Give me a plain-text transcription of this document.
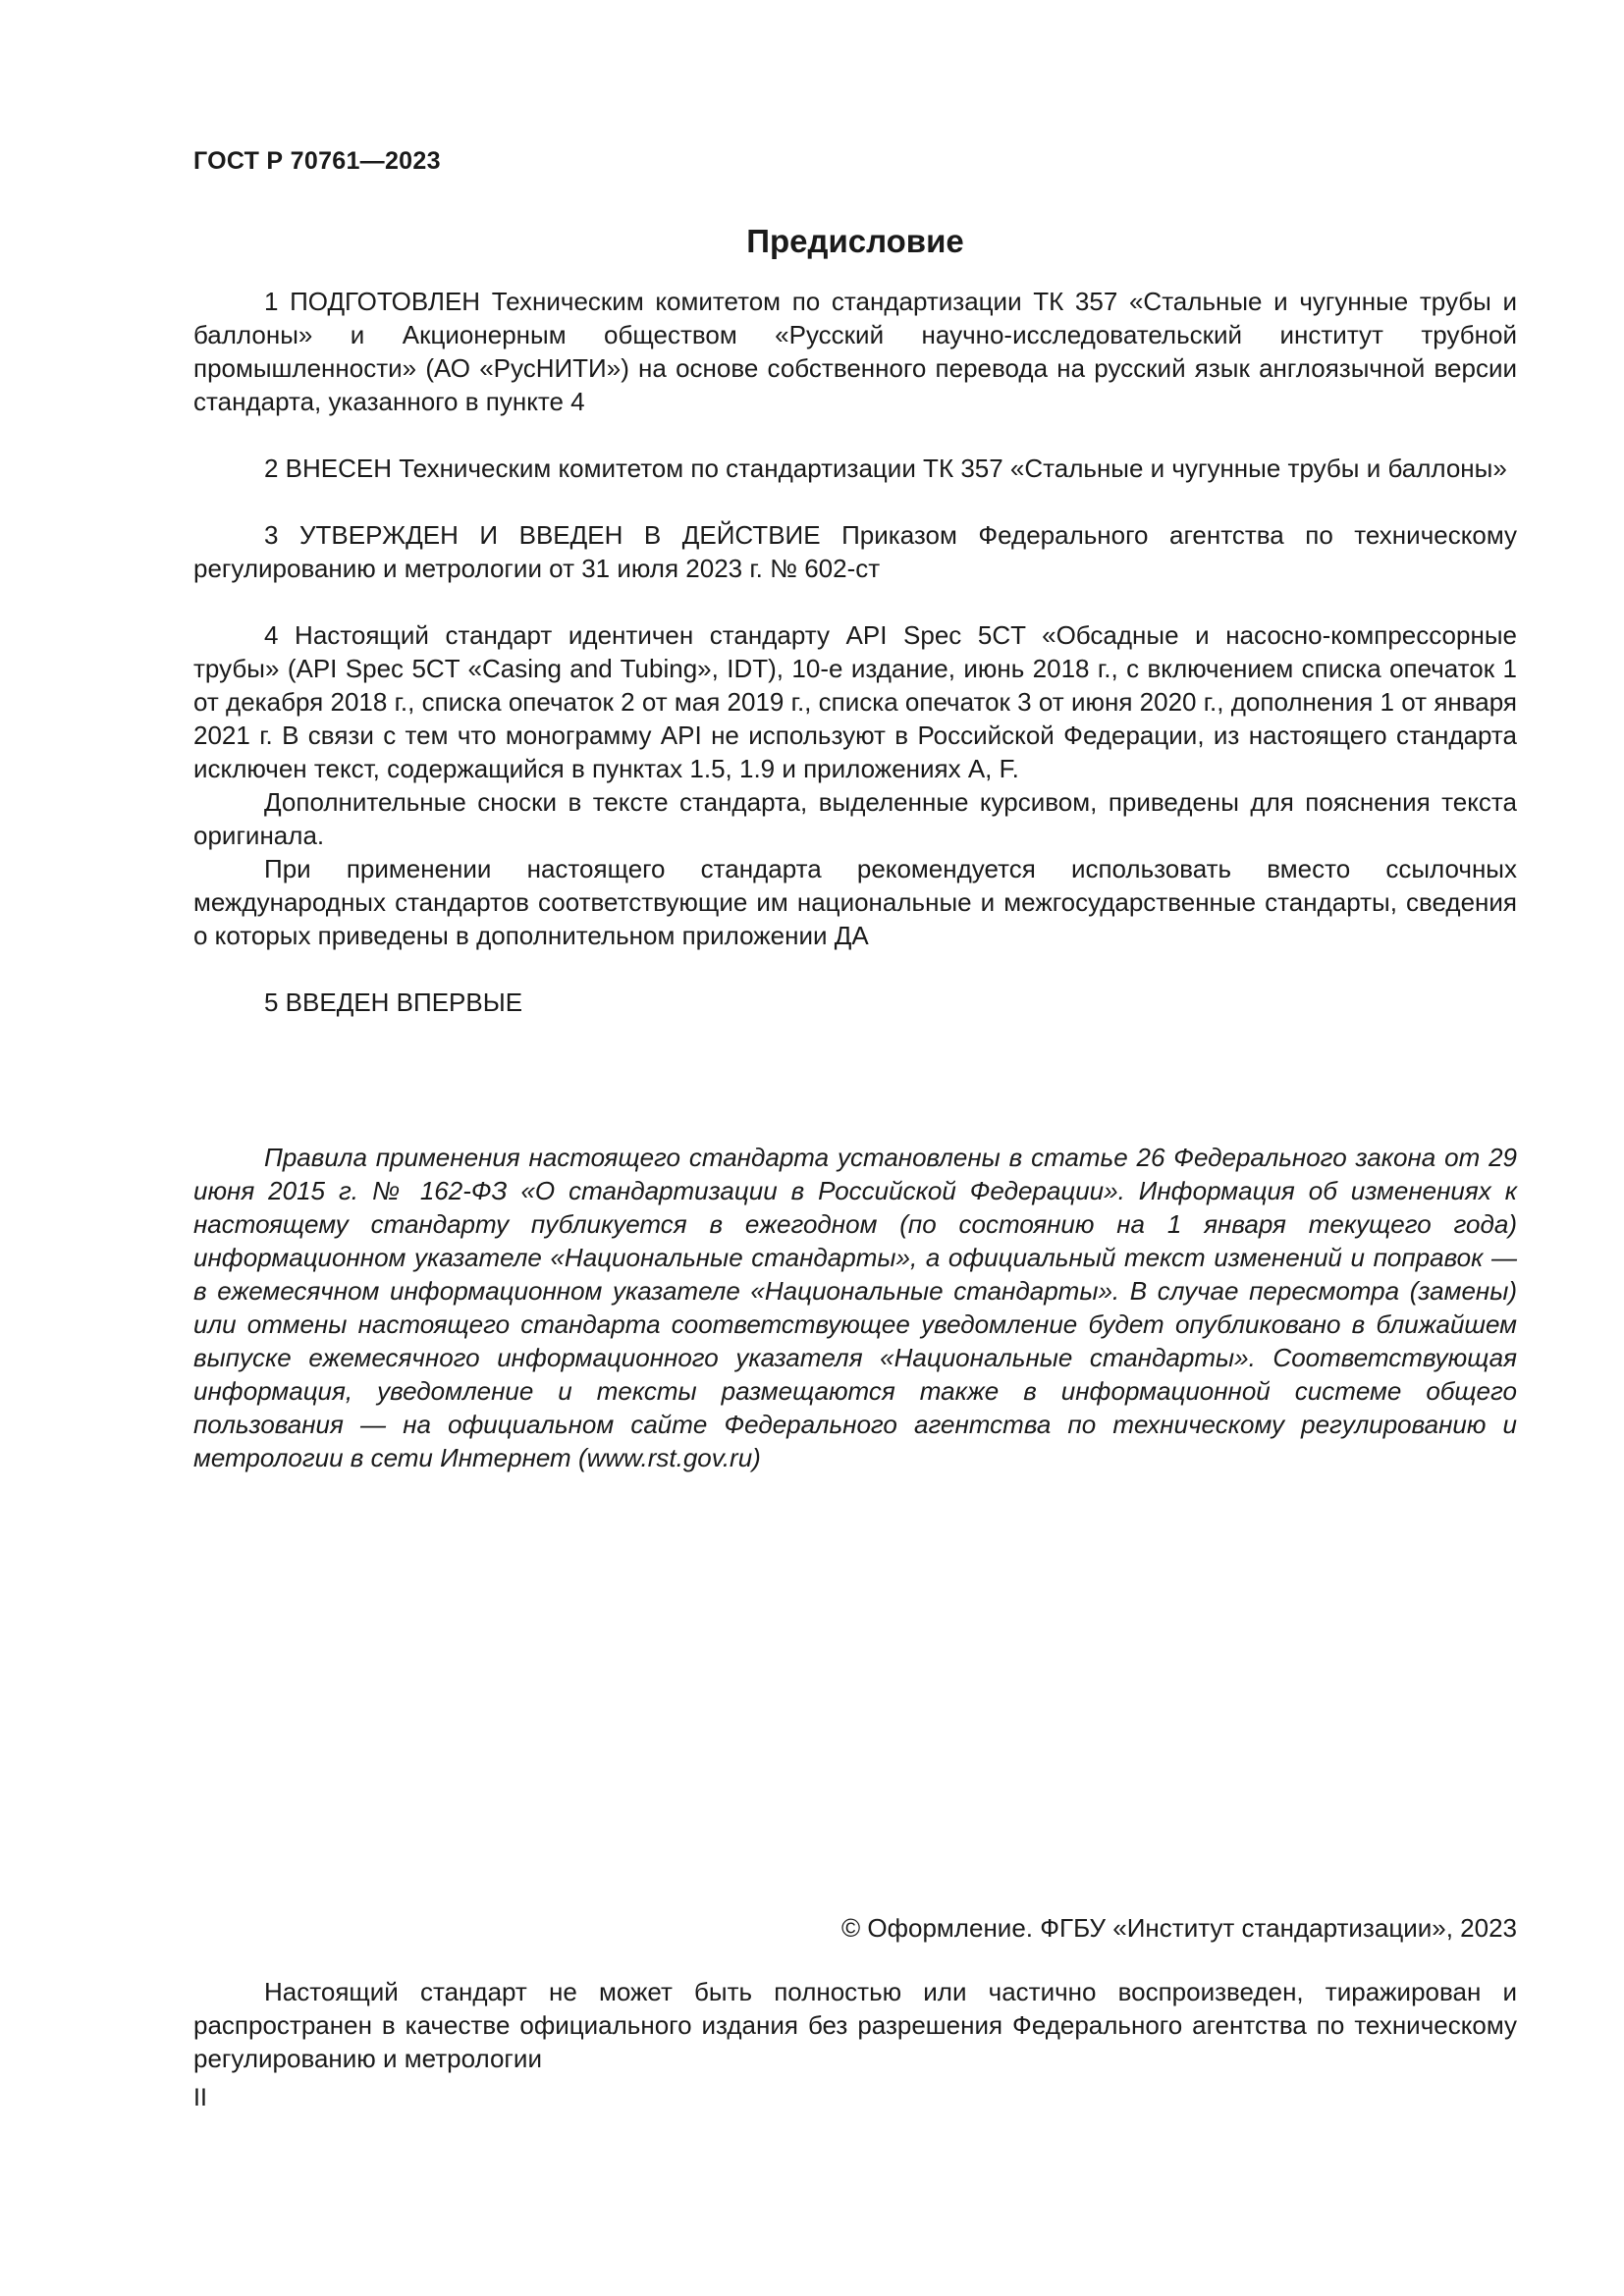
ГОСТ Р 70761—2023
Предисловие

1 ПОДГОТОВЛЕН Техническим комитетом по стандартизации ТК 357 «Стальные и чугунные трубы и баллоны» и Акционерным обществом «Русский научно-исследовательский институт трубной промышленности» (АО «РусНИТИ») на основе собственного перевода на русский язык англоязычной версии стандарта, указанного в пункте 4

2 ВНЕСЕН Техническим комитетом по стандартизации ТК 357 «Стальные и чугунные трубы и баллоны»

3 УТВЕРЖДЕН И ВВЕДЕН В ДЕЙСТВИЕ Приказом Федерального агентства по техническому регулированию и метрологии от 31 июля 2023 г. № 602-ст

4 Настоящий стандарт идентичен стандарту API Spec 5CT «Обсадные и насосно-компрессорные трубы» (API Spec 5CT «Casing and Tubing», IDT), 10-е издание, июнь 2018 г., с включением списка опечаток 1 от декабря 2018 г., списка опечаток 2 от мая 2019 г., списка опечаток 3 от июня 2020 г., дополнения 1 от января 2021 г. В связи с тем что монограмму API не используют в Российской Федерации, из настоящего стандарта исключен текст, содержащийся в пунктах 1.5, 1.9 и приложениях A, F.

Дополнительные сноски в тексте стандарта, выделенные курсивом, приведены для пояснения текста оригинала.

При применении настоящего стандарта рекомендуется использовать вместо ссылочных международных стандартов соответствующие им национальные и межгосударственные стандарты, сведения о которых приведены в дополнительном приложении ДА

5 ВВЕДЕН ВПЕРВЫЕ

Правила применения настоящего стандарта установлены в статье 26 Федерального закона от 29 июня 2015 г. № 162-ФЗ «О стандартизации в Российской Федерации». Информация об изменениях к настоящему стандарту публикуется в ежегодном (по состоянию на 1 января текущего года) информационном указателе «Национальные стандарты», а официальный текст изменений и поправок — в ежемесячном информационном указателе «Национальные стандарты». В случае пересмотра (замены) или отмены настоящего стандарта соответствующее уведомление будет опубликовано в ближайшем выпуске ежемесячного информационного указателя «Национальные стандарты». Соответствующая информация, уведомление и тексты размещаются также в информационной системе общего пользования — на официальном сайте Федерального агентства по техническому регулированию и метрологии в сети Интернет (www.rst.gov.ru)

© Оформление. ФГБУ «Институт стандартизации», 2023

Настоящий стандарт не может быть полностью или частично воспроизведен, тиражирован и распространен в качестве официального издания без разрешения Федерального агентства по техническому регулированию и метрологии

II
